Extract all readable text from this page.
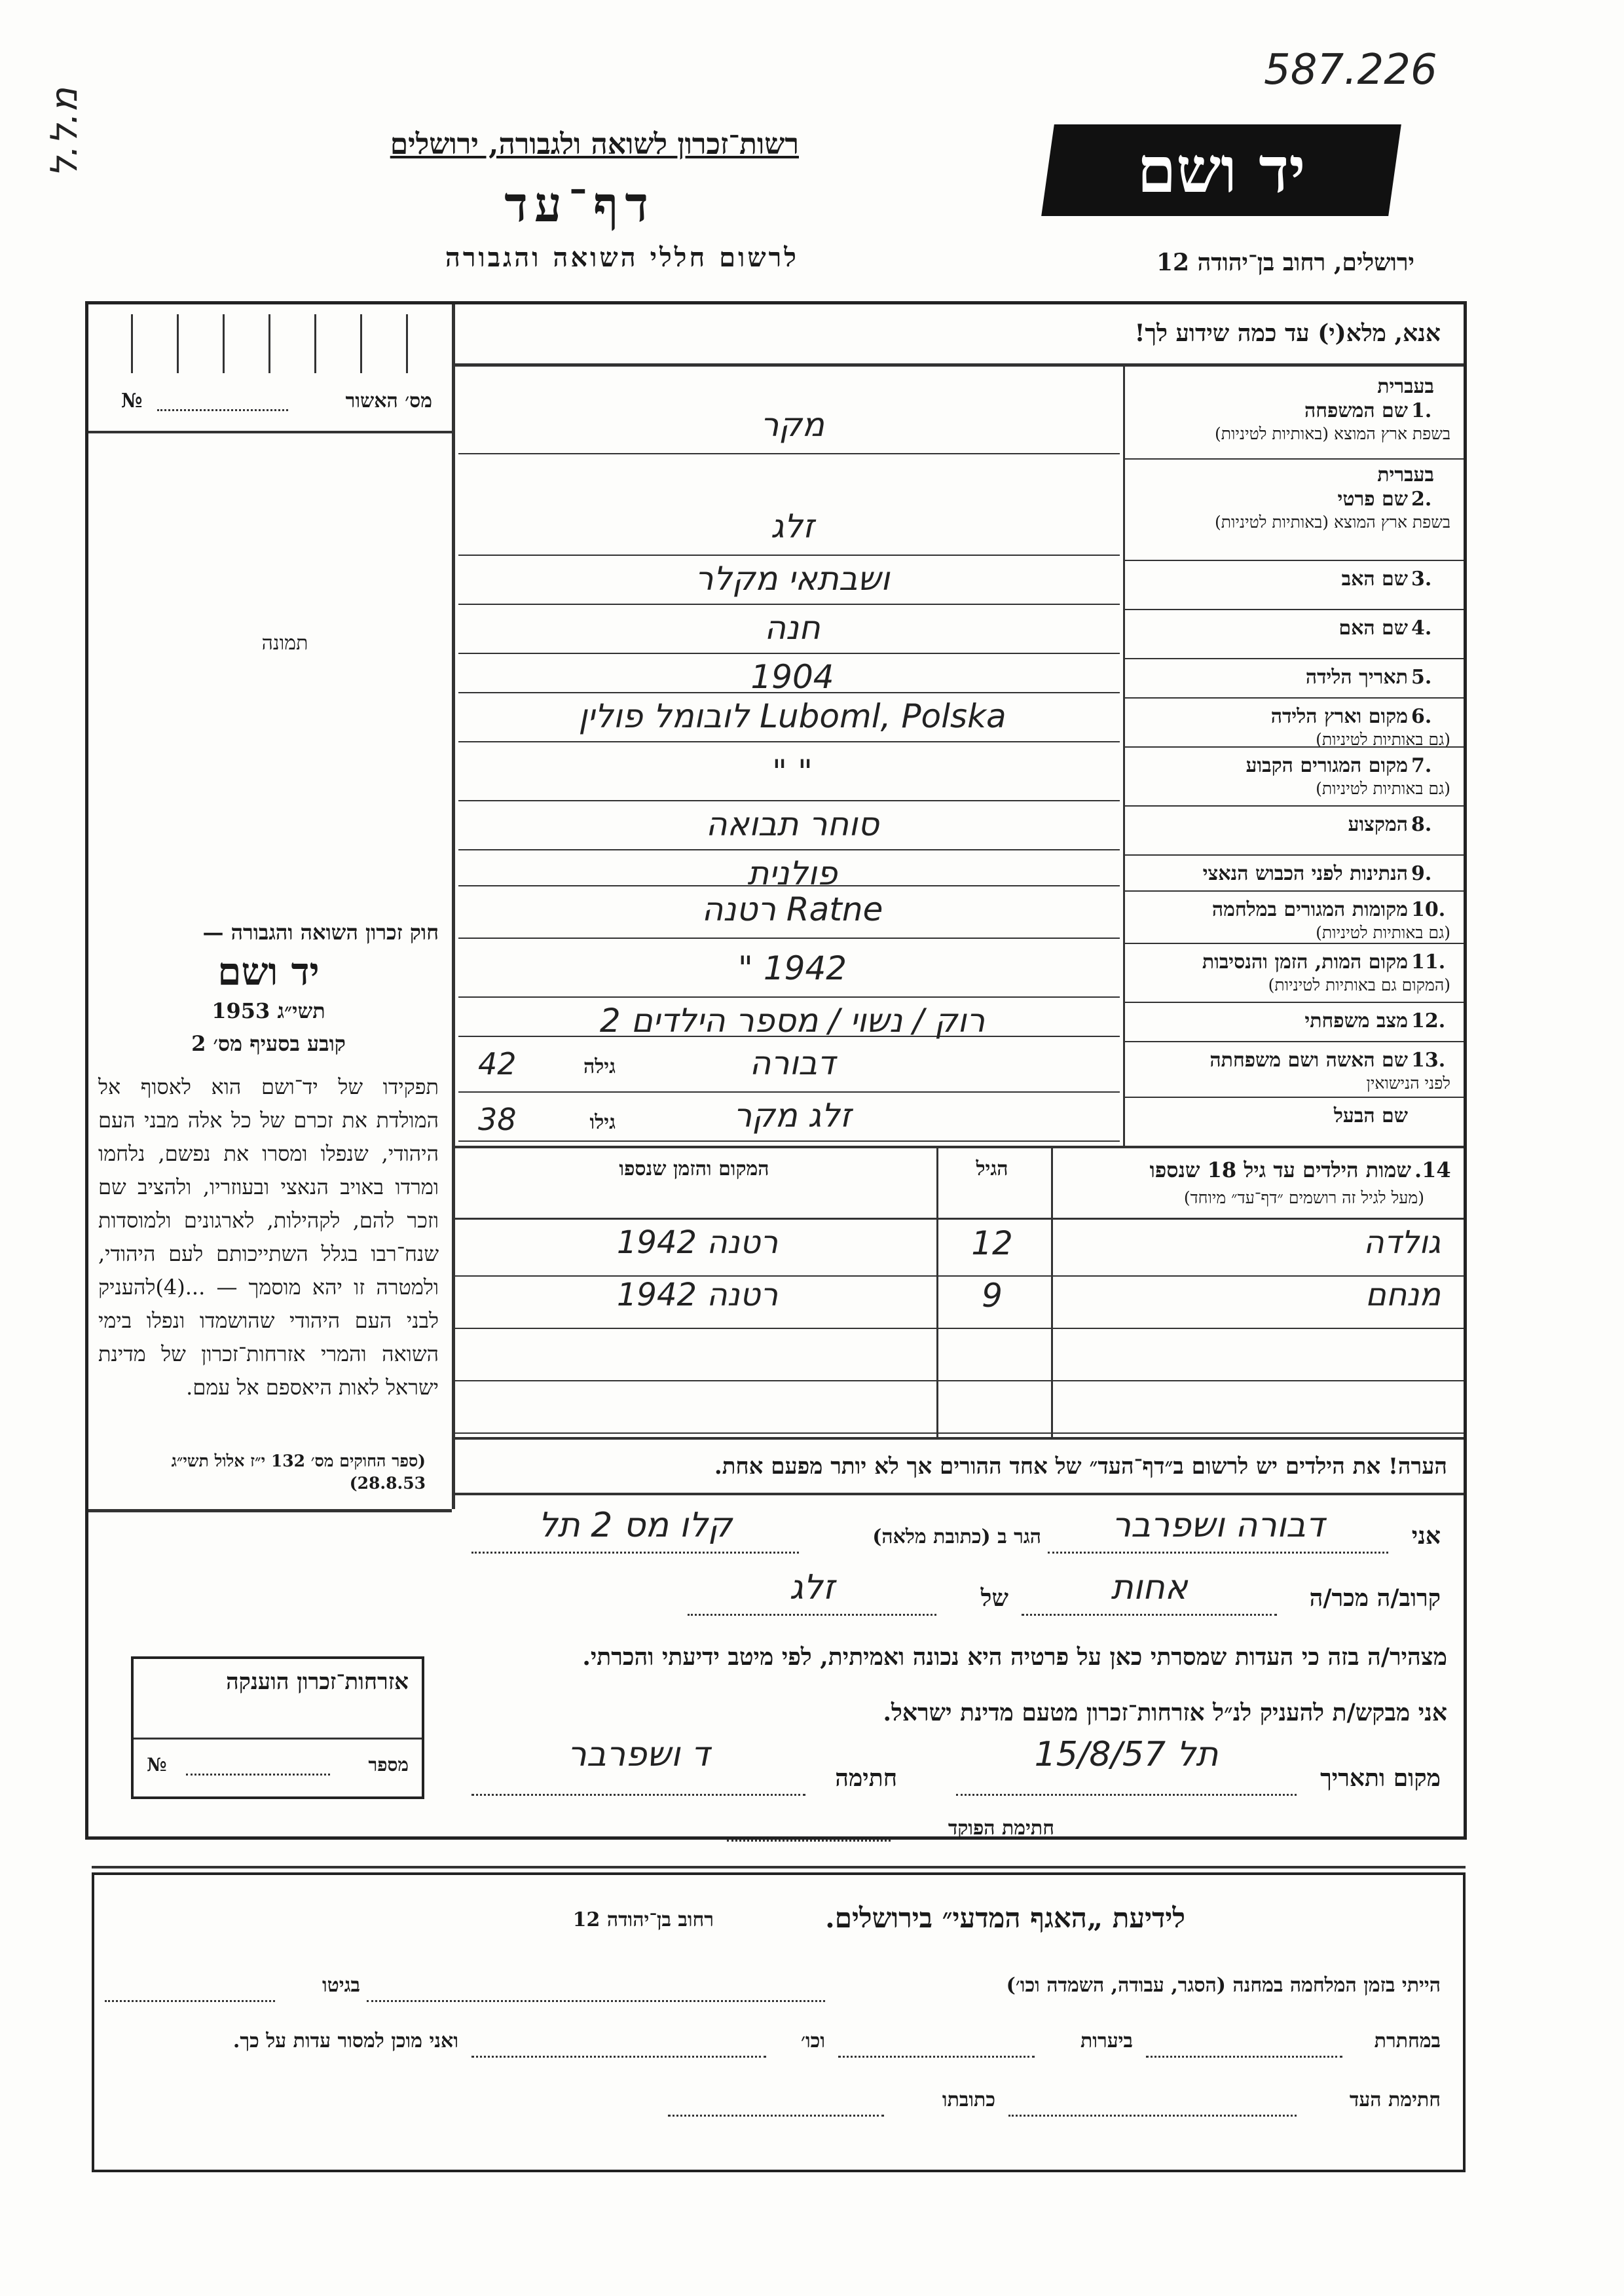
587.226
מ.ל.ל	רשות־זכרון לשואה ולגבורה, ירושלים
דף־עד
לרשום חללי השואה והגבורה
יד ושם
ירושלים, רחוב בן־יהודה 12
מס׳ האשור
№
תמונה
חוק זכרון השואה והגבורה —
יד ושם
תשי״ג 1953
קובע בסעיף מס׳ 2
תפקידו של יד־ושם הוא לאסוף אל המולדת את זכרם של כל אלה מבני העם היהודי, שנפלו ומסרו את נפשם, נלחמו ומרדו באויב הנאצי ובעוזריו, ולהציב שם וזכר להם, לקהילות, לארגונים ולמוסדות שנח־רבו בגלל השתייכותם לעם היהודי, ולמטרה זו יהא מוסמך — ...(4)להעניק לבני העם היהודי שהושמדו ונפלו בימי השואה והמרי אזרחות־זכרון של מדינת ישראל לאות היאספם אל עמם.
(ספר החוקים מס׳ 132 י״ז אלול תשי״ג 28.8.53)
אזרחות־זכרון הוענקה
מספר
№
אנא, מלא(י) עד כמה שידוע לך!
בעברית
1.
שם המשפחה
בשפת ארץ המוצא (באותיות לטיניות)
מקר
בעברית
2.
שם פרטי
בשפת ארץ המוצא (באותיות לטיניות)
זלג
3.
שם האב
ושבתאי מקלר
4.
שם האם
חנה
5.
תאריך הלידה
1904
6.
מקום וארץ הלידה
(גם באותיות לטיניות)
Luboml, Polska לובומל פולין
7.
מקום המגורים הקבוע
(גם באותיות לטיניות)
" "
8.
המקצוע
סוחר תבואה
9.
הנתינות לפני הכבוש הנאצי
פולנית
10.
מקומות המגורים במלחמה
(גם באותיות לטיניות)
Ratne רטנה
11.
מקום המות, הזמן והנסיבות
(המקום גם באותיות לטיניות)
1942 "
12.
מצב משפחתי
רוק / נשוי / מספר הילדים 2
13.
שם האשה ושם משפחתה
לפני הנישואין
דבורה
גילה
42
שם הבעל
זלג מקר
גילו
38
14.
שמות הילדים עד גיל 18 שנספו
(מעל לגיל זה רושמים ״דף־עד״ מיוחד)
הגיל
המקום והזמן שנספו
גולדה
12
רטנה 1942
מנחם
9
רטנה 1942
הערה! את הילדים יש לרשום ב״דף־העד״ של אחד ההורים אך לא יותר מפעם אחת.
אני
דבורה ושפרבר
הגר ב (כתובת מלאה)
קלו מס 2 תל
קרוב/ה מכר/ה
אחות
של
זלג
מצהיר/ה בזה כי העדות שמסרתי כאן על פרטיה היא נכונה ואמיתית, לפי מיטב ידיעתי והכרתי.
אני מבקש/ת להעניק לנ״ל אזרחות־זכרון מטעם מדינת ישראל.
מקום ותאריך
תל 15/8/57
חתימה
ד ושפרבר
חתימת הפוקד
לידיעת „האגף המדעי״ בירושלים.
רחוב בן־יהודה 12
הייתי בזמן המלחמה במחנה (הסגר, עבודה, השמדה וכו׳)
בגיטו
במחתרת
ביערות
וכו׳
ואני מוכן למסור עדות על כך.
חתימת העד
כתובתו
